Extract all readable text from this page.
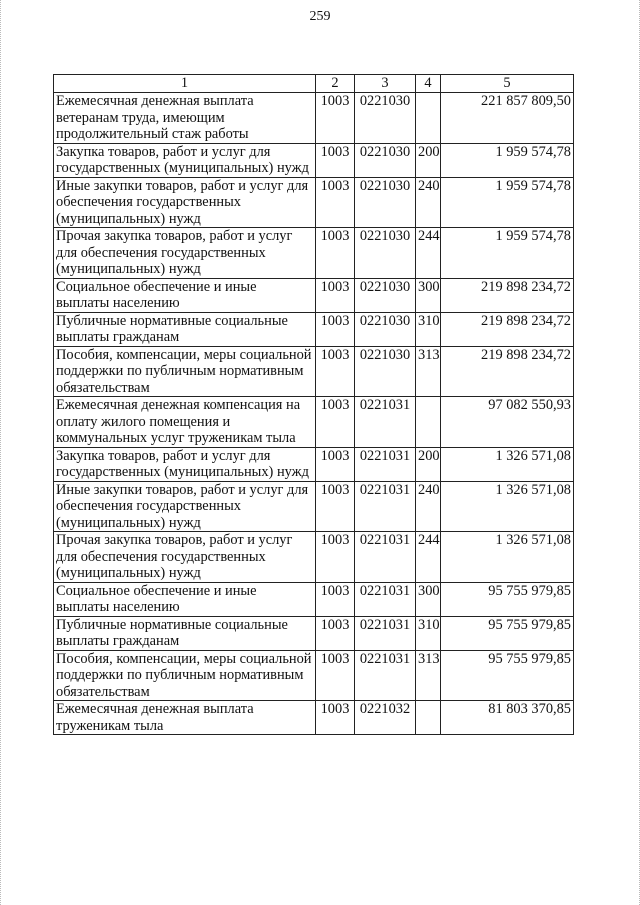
259
1	2	3	4	5
Ежемесячная денежная выплата ветеранам труда, имеющим продолжительный стаж работы	1003	0221030		221 857 809,50
Закупка товаров, работ и услуг для государственных (муниципальных) нужд	1003	0221030	200	1 959 574,78
Иные закупки товаров, работ и услуг для обеспечения государственных (муниципальных) нужд	1003	0221030	240	1 959 574,78
Прочая закупка товаров, работ и услуг для обеспечения государственных (муниципальных) нужд	1003	0221030	244	1 959 574,78
Социальное обеспечение и иные выплаты населению	1003	0221030	300	219 898 234,72
Публичные нормативные социальные выплаты гражданам	1003	0221030	310	219 898 234,72
Пособия, компенсации, меры социальной поддержки по публичным нормативным обязательствам	1003	0221030	313	219 898 234,72
Ежемесячная денежная компенсация на оплату жилого помещения и коммунальных услуг труженикам тыла	1003	0221031		97 082 550,93
Закупка товаров, работ и услуг для государственных (муниципальных) нужд	1003	0221031	200	1 326 571,08
Иные закупки товаров, работ и услуг для обеспечения государственных (муниципальных) нужд	1003	0221031	240	1 326 571,08
Прочая закупка товаров, работ и услуг для обеспечения государственных (муниципальных) нужд	1003	0221031	244	1 326 571,08
Социальное обеспечение и иные выплаты населению	1003	0221031	300	95 755 979,85
Публичные нормативные социальные выплаты гражданам	1003	0221031	310	95 755 979,85
Пособия, компенсации, меры социальной поддержки по публичным нормативным обязательствам	1003	0221031	313	95 755 979,85
Ежемесячная денежная выплата труженикам тыла	1003	0221032		81 803 370,85
